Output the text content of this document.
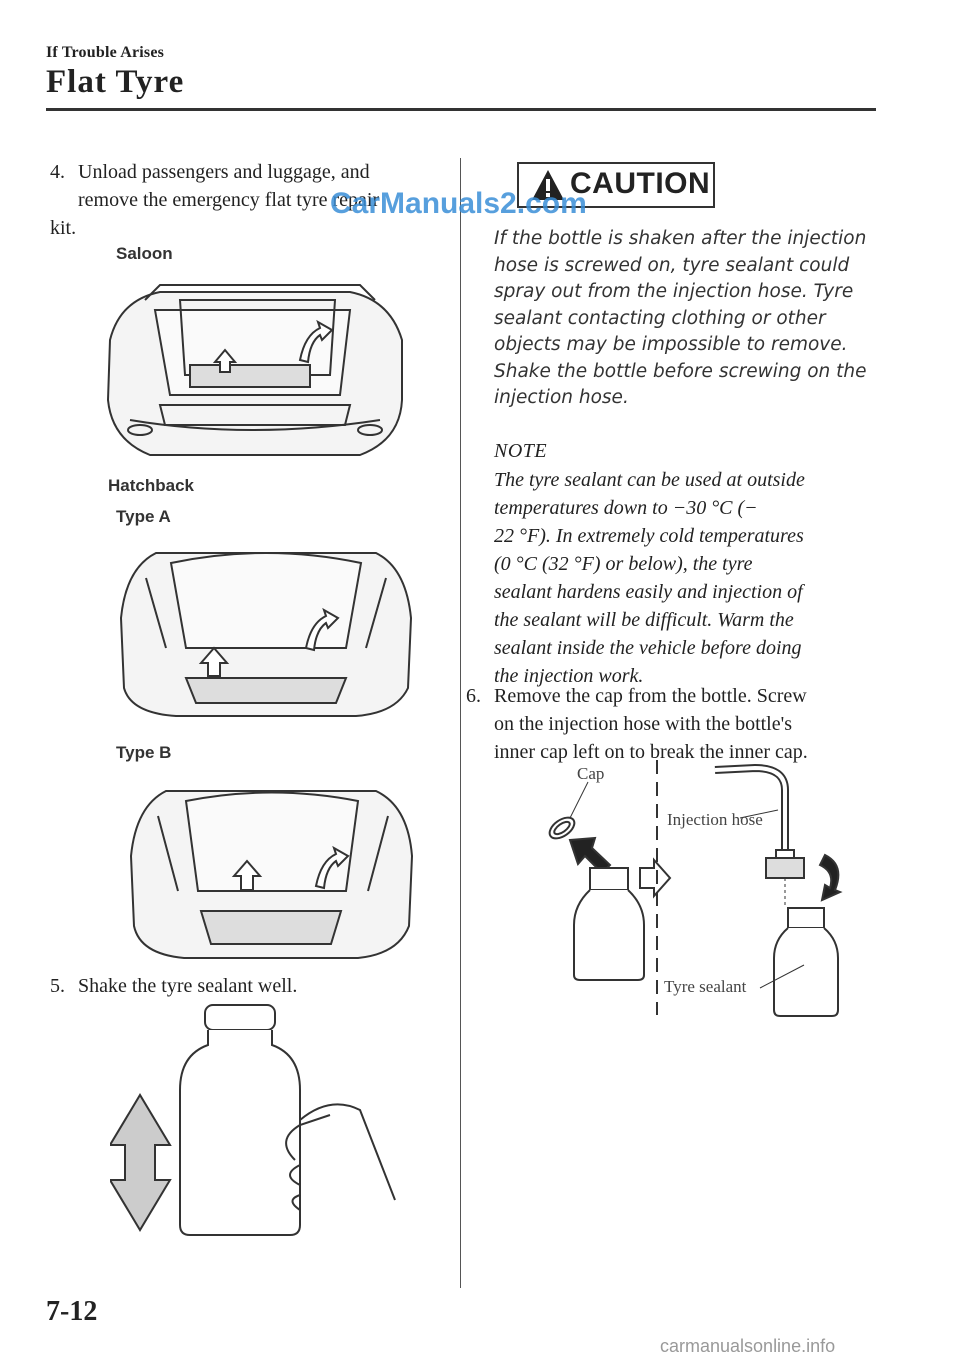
If Trouble Arises
Flat Tyre
4. Unload passengers and luggage, and
remove the emergency flat tyre repair
kit.
Saloon
Hatchback
Type A
Type B
5. Shake the tyre sealant well.
CAUTION
CarManuals2.com
If the bottle is shaken after the injection
hose is screwed on, tyre sealant could
spray out from the injection hose. Tyre
sealant contacting clothing or other
objects may be impossible to remove.
Shake the bottle before screwing on the
injection hose.
NOTE
The tyre sealant can be used at outside
temperatures down to −30 °C (−
22 °F). In extremely cold temperatures
(0 °C (32 °F) or below), the tyre
sealant hardens easily and injection of
the sealant will be difficult. Warm the
sealant inside the vehicle before doing
the injection work.
6. Remove the cap from the bottle. Screw
on the injection hose with the bottle's
inner cap left on to break the inner cap.
Cap
Injection hose
Tyre sealant
7-12
carmanualsonline.info
